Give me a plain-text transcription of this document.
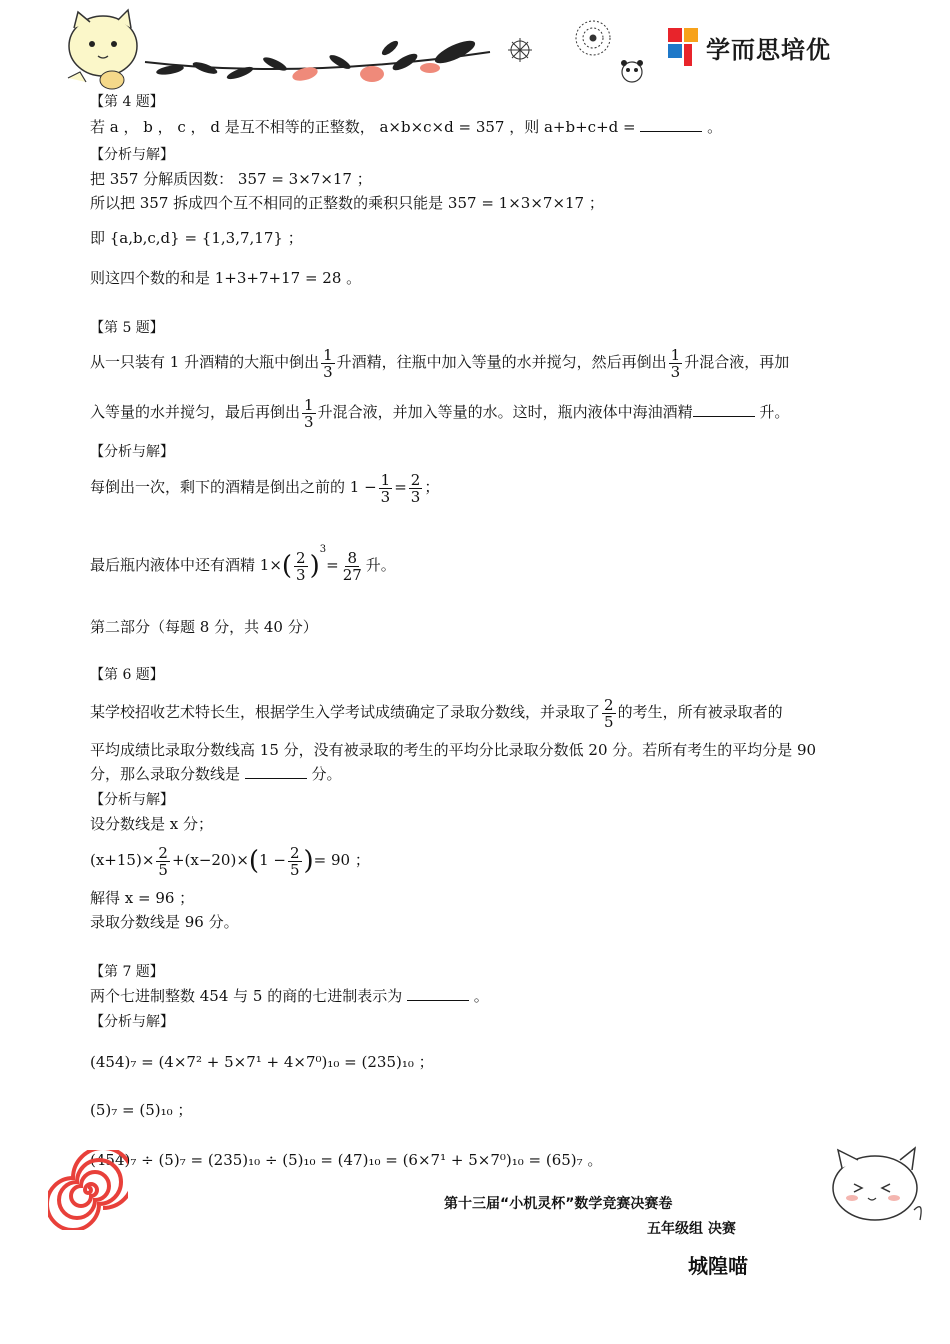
学而思培优
【第 4 题】
若 a ， b ， c ， d 是互不相等的正整数， a×b×c×d = 357 ，则 a+b+c+d =	。
【分析与解】
把 357 分解质因数： 357 = 3×7×17 ；
所以把 357 拆成四个互不相同的正整数的乘积只能是 357 = 1×3×7×17 ；
即 {a,b,c,d} = {1,3,7,17} ；
则这四个数的和是 1+3+7+17 = 28 。
【第 5 题】
从一只装有 1 升酒精的大瓶中倒出 $\frac{1}{3}$ 升酒精，往瓶中加入等量的水并搅匀，然后再倒出 $\frac{1}{3}$ 升混合液，再加
入等量的水并搅匀，最后再倒出 $\frac{1}{3}$ 升混合液，并加入等量的水。这时，瓶内液体中海油酒精	升。
【分析与解】
每倒出一次，剩下的酒精是倒出之前的 $1 - \frac{1}{3} = \frac{2}{3}$ ；
最后瓶内液体中还有酒精 $1\times( \frac{2}{3} )^3= \frac{8}{27}$ 升。
第二部分（每题 8 分，共 40 分）
【第 6 题】
某学校招收艺术特长生，根据学生入学考试成绩确定了录取分数线，并录取了 $\frac{2}{5}$ 的考生，所有被录取者的
平均成绩比录取分数线高 15 分，没有被录取的考生的平均分比录取分数低 20 分。若所有考生的平均分是 90
分，那么录取分数线是	分。
【分析与解】
设分数线是 x 分；
$(x+15)\times \frac{2}{5} +(x-20)\times(1 - \frac{2}{5}$ )= 90 ；
解得 x = 96 ；
录取分数线是 96 分。
【第 7 题】
两个七进制整数 454 与 5 的商的七进制表示为	。
【分析与解】
(454)₇ = (4×7² + 5×7¹ + 4×7⁰)₁₀ = (235)₁₀ ；
(5)₇ = (5)₁₀ ；
(454)₇ ÷ (5)₇ = (235)₁₀ ÷ (5)₁₀ = (47)₁₀ = (6×7¹ + 5×7⁰)₁₀ = (65)₇ 。
第十三届“小机灵杯”数学竞赛决赛卷
五年级组 决赛
城隍喵
